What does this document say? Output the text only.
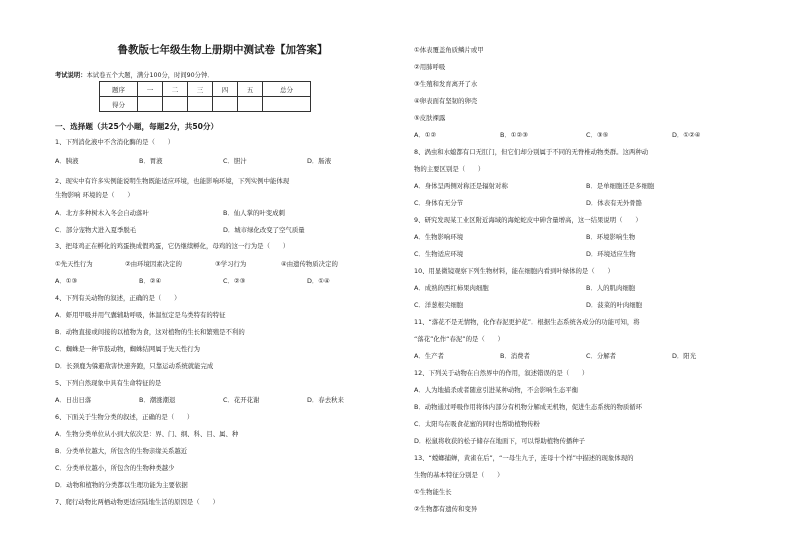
鲁教版七年级生物上册期中测试卷【加答案】
考试说明：本试卷五个大题，满分100分，时间90分钟．
题序	一	二	三	四	五	总分
得分						
一、选择题（共25个小题，每题2分，共50分）
1、下列消化液中不含消化酶的是（　　）
A．胰液	B．胃液	C．胆汁	D．肠液
2、现实中有许多实例能说明生物既能适应环境，也能影响环境，下列实例中能体现
生物影响 环境的是（　　）
A．北方多种树木入冬会自动落叶	B．仙人掌的叶变成刺
C．部分宠物犬进入夏季脱毛	D．城市绿化改变了空气质量
3、把母鸡正在孵化的鸡蛋换成假鸡蛋，它仍继续孵化，母鸡的这一行为是（　　）
①先天性行为	②由环境因素决定的	③学习行为	④由遗传物质决定的
A．①③	B．②④	C．②③	D．①④
4、下列有关动物的叙述，正确的是（　　）
A．虾用甲吸并用气囊辅助呼吸，体温恒定是鸟类特有的特征
B．动物直接或间接的以植物为食，这对植物的生长和繁殖是不利的
C．蜘蛛是一种节肢动物，蜘蛛结网属于先天性行为
D．长颈鹿为躲避敌害快速奔跑，只靠运动系统就能完成
5、下列自然现象中具有生命特征的是
A．日出日落	B．潮涨潮退	C．花开花谢	D．春去秋来
6、下面关于生物分类的叙述，正确的是（　　）
A．生物分类单位从小到大依次是：界、门、纲、科、目、属、种
B．分类单位越大，所包含的生物亲缘关系越近
C．分类单位越小，所包含的生物种类越少
D．动物和植物的分类都以生理功能为主要依据
7、爬行动物比两栖动物更适应陆地生活的原因是（　　）
①体表覆盖角质鳞片或甲
②用肺呼吸
③生殖和发育离开了水
④卵表面有坚韧的卵壳
⑤皮肤裸露
A．①②	B．①②③	C．③⑤	D．①②④
8、涡虫和水螅都有口无肛门，但它们却分别属于不同的无脊椎动物类群。这两种动
物的主要区别是（　　）
A．身体呈两侧对称还是辐射对称	B．是单细胞还是多细胞
C．身体有无分节	D．体表有无外骨骼
9、研究发现某工业区附近海域的海蛇蛇皮中砷含量增高，这一结果说明（　　）
A．生物影响环境	B．环境影响生物
C．生物适应环境	D．环境适应生物
10、用显微镜观察下列生物材料，能在细胞内看到叶绿体的是（　　）
A．成熟的西红柿果肉细胞	B．人的肌肉细胞
C．洋葱根尖细胞	D．菠菜的叶肉细胞
11、“落花不是无情物，化作春泥更护花”．根据生态系统各成分的功能可知，将
“落花”化作“春泥”的是（　　）
A．生产者	B．消费者	C．分解者	D．阳光
12、下列关于动物在自然界中的作用，叙述错误的是（　　）
A．人为地捕杀或者随意引进某种动物，不会影响生态平衡
B．动物通过呼吸作用将体内部分有机物分解成无机物，促进生态系统的物质循环
C．太阳鸟在吸食花蜜的同时也帮助植物传粉
D．松鼠将收获的松子储存在地面下，可以帮助植物传播种子
13、“螳螂捕蝉，黄雀在后”，“一母生九子，连母十个样”中描述的现象体现的
生物的基本特征分别是（　　）
①生物能生长
②生物都有遗传和变异
